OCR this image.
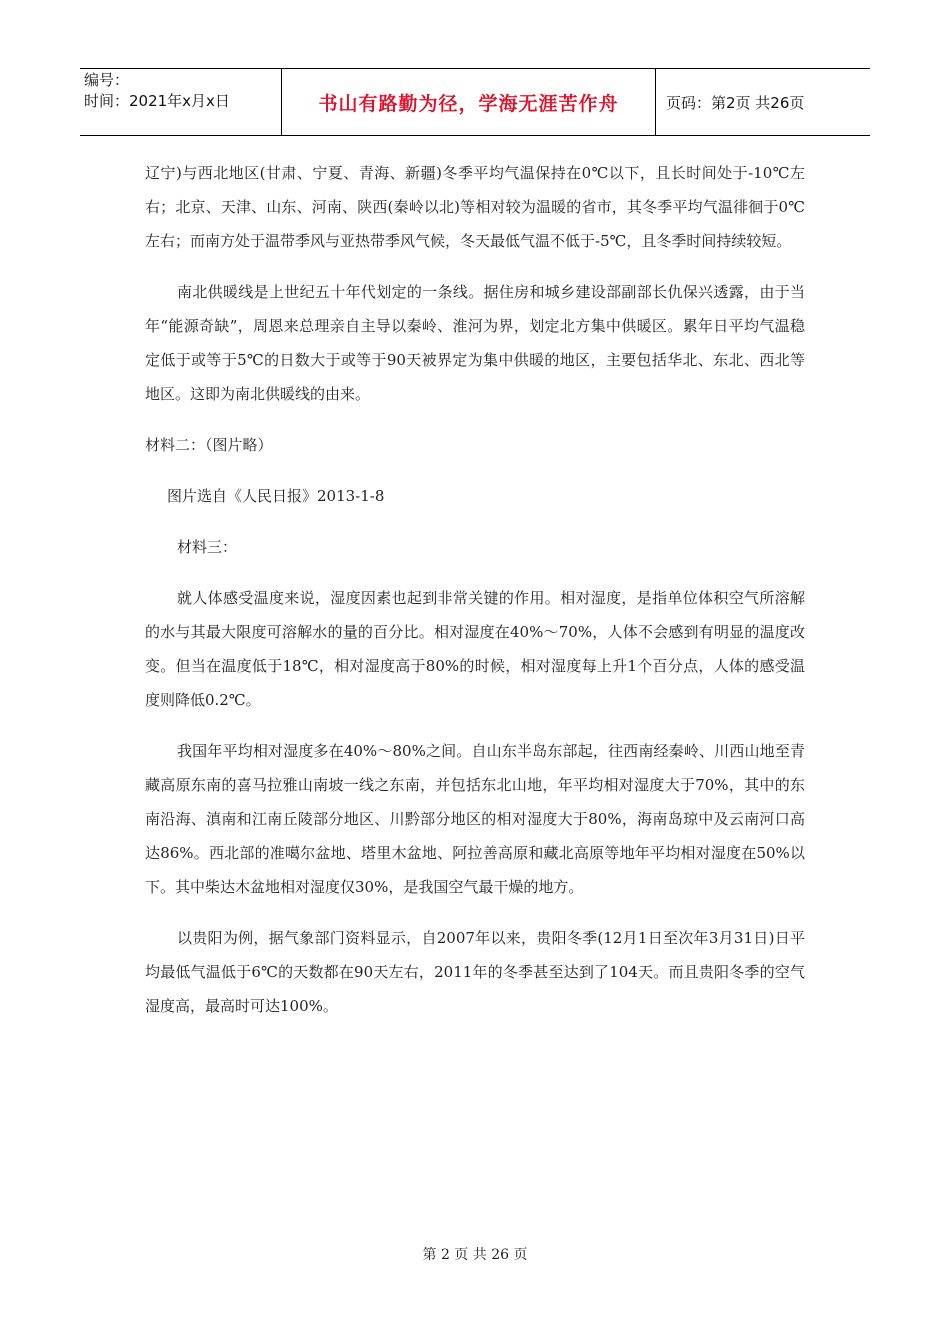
编号：
时间：2021年x月x日	书山有路勤为径，学海无涯苦作舟	页码：第2页 共26页

辽宁)与西北地区(甘肃、宁夏、青海、新疆)冬季平均气温保持在0℃以下，且长时间处于-10℃左右；北京、天津、山东、河南、陕西(秦岭以北)等相对较为温暖的省市，其冬季平均气温徘徊于0℃左右；而南方处于温带季风与亚热带季风气候，冬天最低气温不低于-5℃，且冬季时间持续较短。

南北供暖线是上世纪五十年代划定的一条线。据住房和城乡建设部副部长仇保兴透露，由于当年“能源奇缺”，周恩来总理亲自主导以秦岭、淮河为界，划定北方集中供暖区。累年日平均气温稳定低于或等于5℃的日数大于或等于90天被界定为集中供暖的地区，主要包括华北、东北、西北等地区。这即为南北供暖线的由来。

材料二：（图片略）

图片选自《人民日报》2013-1-8

材料三：

就人体感受温度来说，湿度因素也起到非常关键的作用。相对湿度，是指单位体积空气所溶解的水与其最大限度可溶解水的量的百分比。相对湿度在40%～70%，人体不会感到有明显的温度改变。但当在温度低于18℃，相对湿度高于80%的时候，相对湿度每上升1个百分点，人体的感受温度则降低0.2℃。

我国年平均相对湿度多在40%～80%之间。自山东半岛东部起，往西南经秦岭、川西山地至青藏高原东南的喜马拉雅山南坡一线之东南，并包括东北山地，年平均相对湿度大于70%，其中的东南沿海、滇南和江南丘陵部分地区、川黔部分地区的相对湿度大于80%，海南岛琼中及云南河口高达86%。西北部的准噶尔盆地、塔里木盆地、阿拉善高原和藏北高原等地年平均相对湿度在50%以下。其中柴达木盆地相对湿度仅30%，是我国空气最干燥的地方。

以贵阳为例，据气象部门资料显示，自2007年以来，贵阳冬季(12月1日至次年3月31日)日平均最低气温低于6℃的天数都在90天左右，2011年的冬季甚至达到了104天。而且贵阳冬季的空气湿度高，最高时可达100%。

第 2 页 共 26 页
